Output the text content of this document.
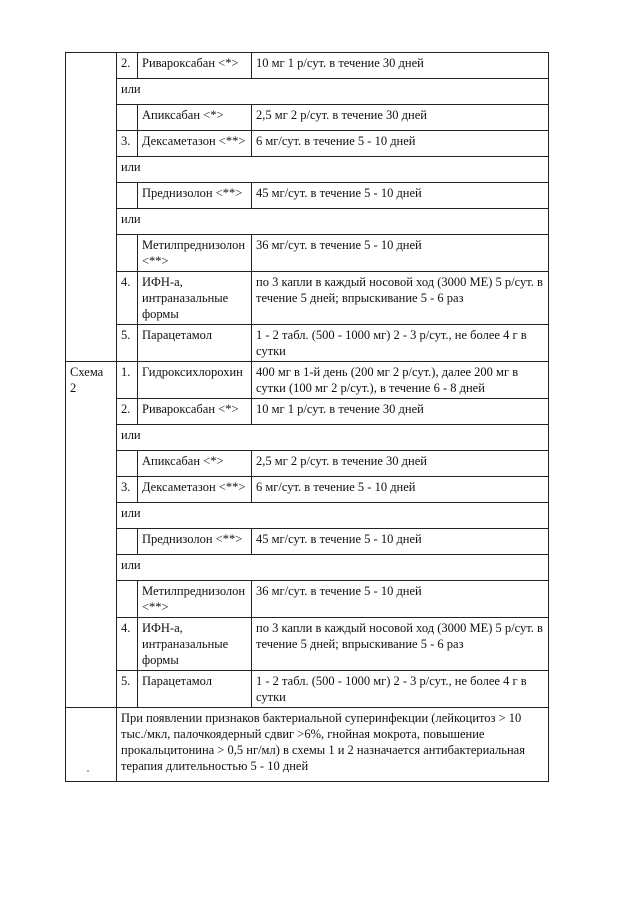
	2.	Ривароксабан <*>	10 мг 1 р/сут. в течение 30 дней
	или		
		Апиксабан <*>	2,5 мг 2 р/сут. в течение 30 дней
	3.	Дексаметазон <**>	6 мг/сут. в течение 5 - 10 дней
	или		
		Преднизолон <**>	45 мг/сут. в течение 5 - 10 дней
	или		
		Метилпреднизолон <**>	36 мг/сут. в течение 5 - 10 дней
	4.	ИФН-а, интраназальные формы	по 3 капли в каждый носовой ход (3000 МЕ) 5 р/сут. в течение 5 дней; впрыскивание 5 - 6 раз
	5.	Парацетамол	1 - 2 табл. (500 - 1000 мг) 2 - 3 р/сут., не более 4 г в сутки
Схема 2	1.	Гидроксихлорохин	400 мг в 1-й день (200 мг 2 р/сут.), далее 200 мг в сутки (100 мг 2 р/сут.), в течение 6 - 8 дней
	2.	Ривароксабан <*>	10 мг 1 р/сут. в течение 30 дней
	или		
		Апиксабан <*>	2,5 мг 2 р/сут. в течение 30 дней
	3.	Дексаметазон <**>	6 мг/сут. в течение 5 - 10 дней
	или		
		Преднизолон <**>	45 мг/сут. в течение 5 - 10 дней
	или		
		Метилпреднизолон <**>	36 мг/сут. в течение 5 - 10 дней
	4.	ИФН-а, интраназальные формы	по 3 капли в каждый носовой ход (3000 МЕ) 5 р/сут. в течение 5 дней; впрыскивание 5 - 6 раз
	5.	Парацетамол	1 - 2 табл. (500 - 1000 мг) 2 - 3 р/сут., не более 4 г в сутки
	При появлении признаков бактериальной суперинфекции (лейкоцитоз > 10 тыс./мкл, палочкоядерный сдвиг >6%, гнойная мокрота, повышение прокальцитонина > 0,5 нг/мл) в схемы 1 и 2 назначается антибактериальная терапия длительностью 5 - 10 дней		
